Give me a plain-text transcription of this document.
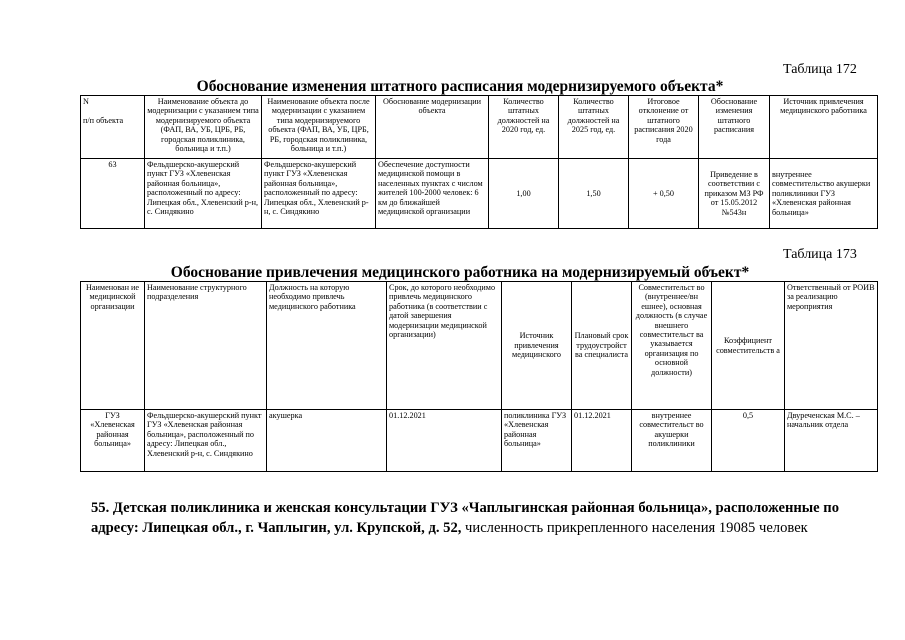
Таблица 172
Обоснование изменения штатного расписания модернизируемого объекта*
N

п/п объекта	Наименование объекта до модернизации с указанием типа модернизируемого объекта (ФАП, ВА, УБ, ЦРБ, РБ, городская поликлиника, больница и т.п.)	Наименование объекта после модернизации с указанием типа модернизируемого объекта (ФАП, ВА, УБ, ЦРБ, РБ, городская поликлиника, больница и т.п.)	Обоснование модернизации объекта	Количество штатных должностей на 2020 год, ед.	Количество штатных должностей на 2025 год, ед.	Итоговое отклонение от штатного расписания 2020 года	Обоснование изменения штатного расписания	Источник привлечения медицинского работника
63	Фельдшерско-акушерский пункт ГУЗ «Хлевенская районная больница», расположенный по адресу: Липецкая обл., Хлевенский р-н, с. Синдякино	Фельдшерско-акушерский пункт ГУЗ «Хлевенская районная больница», расположенный по адресу: Липецкая обл., Хлевенский р-н, с. Синдякино	Обеспечение доступности медицинской помощи в населенных пунктах с числом жителей 100-2000 человек: 6 км до ближайшей медицинской организации	1,00	1,50	+ 0,50	Приведение в соответствии с приказом МЗ РФ от 15.05.2012 №543н	внутреннее совместительство акушерки поликлиники ГУЗ «Хлевенская районная больница»
Таблица 173
Обоснование привлечения медицинского работника на модернизируемый объект*
Наименован ие медицинской организации	Наименование структурного подразделения	Должность на которую необходимо привлечь медицинского работника	Срок, до которого необходимо привлечь медицинского работника (в соответствии с датой завершения модернизации медицинской организации)	Источник привлечения медицинского	Плановый срок трудоустройст ва специалиста	Совместительст во (внутреннее/вн ешнее), основная должность (в случае внешнего совместительст ва указывается организация по основной должности)	Коэффициент совместительств а	Ответственный от РОИВ за реализацию мероприятия
ГУЗ «Хлевенская районная больница»	Фельдшерско-акушерский пункт ГУЗ «Хлевенская районная больница», расположенный по адресу: Липецкая обл., Хлевенский р-н, с. Синдякино	акушерка	01.12.2021	поликлиника ГУЗ «Хлевенская районная больница»	01.12.2021	внутреннее совместительст во акушерки поликлиники	0,5	Двуреченская М.С. – начальник отдела
55. Детская поликлиника и женская консультации ГУЗ «Чаплыгинская районная больница», расположенные по адресу: Липецкая обл., г. Чаплыгин, ул. Крупской, д. 52, численность прикрепленного населения 19085 человек
